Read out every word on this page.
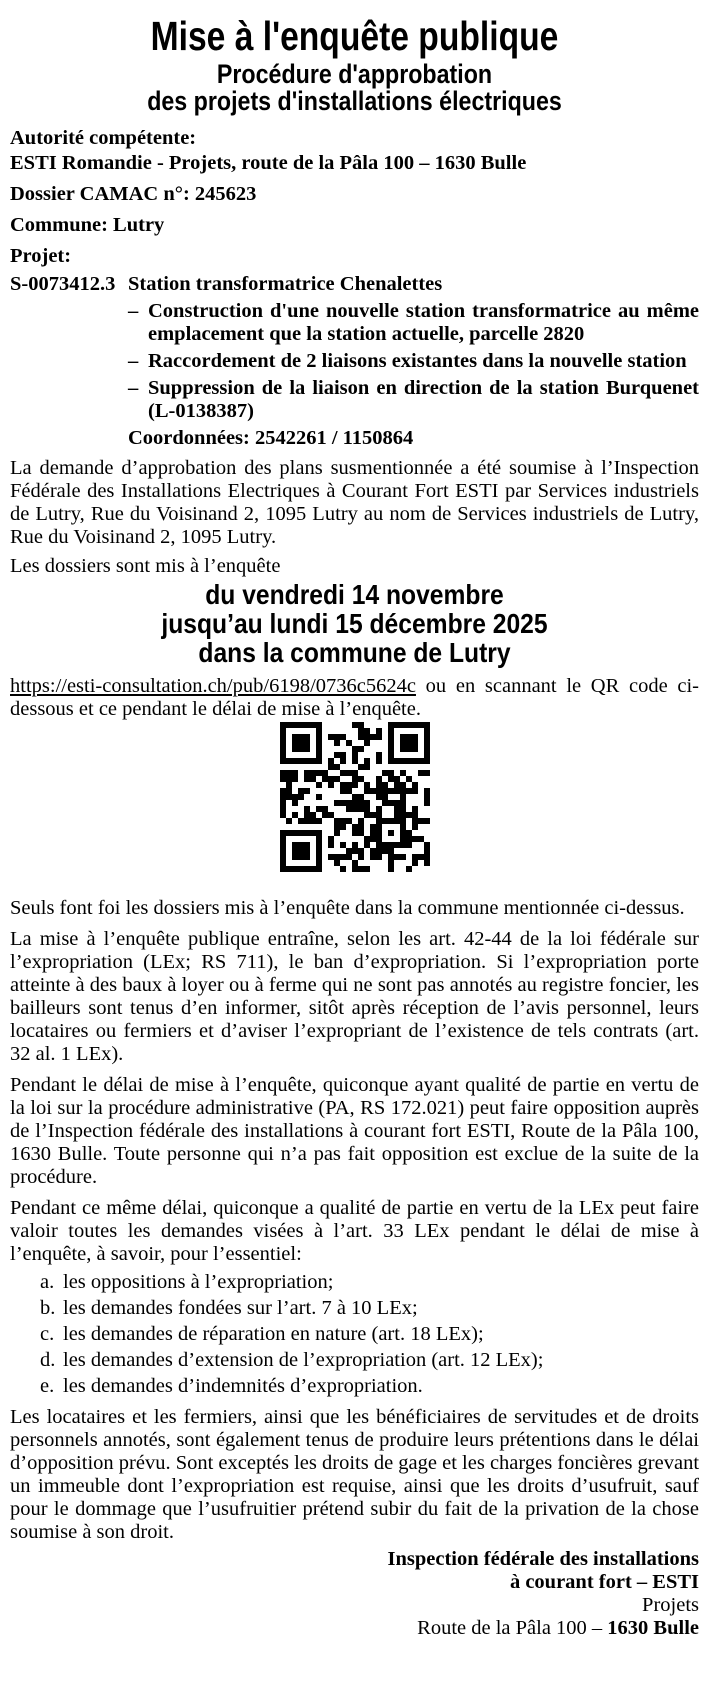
Mise à l'enquête publique
Procédure d'approbation
des projets d'installations électriques
Autorité compétente:
ESTI Romandie - Projets, route de la Pâla 100 – 1630 Bulle
Dossier CAMAC n°: 245623
Commune: Lutry
Projet:
S-0073412.3 Station transformatrice Chenalettes
– Construction d'une nouvelle station transformatrice au même emplacement que la station actuelle, parcelle 2820
– Raccordement de 2 liaisons existantes dans la nouvelle station
– Suppression de la liaison en direction de la station Burquenet (L-0138387)
Coordonnées: 2542261 / 1150864
La demande d’approbation des plans susmentionnée a été soumise à l’Inspection Fédérale des Installations Electriques à Courant Fort ESTI par Services industriels de Lutry, Rue du Voisinand 2, 1095 Lutry au nom de Services industriels de Lutry, Rue du Voisinand 2, 1095 Lutry.
Les dossiers sont mis à l’enquête
du vendredi 14 novembre
jusqu’au lundi 15 décembre 2025
dans la commune de Lutry
https://esti-consultation.ch/pub/6198/0736c5624c ou en scannant le QR code ci-dessous et ce pendant le délai de mise à l’enquête.
Seuls font foi les dossiers mis à l’enquête dans la commune mentionnée ci-dessus.
La mise à l’enquête publique entraîne, selon les art. 42-44 de la loi fédérale sur l’expropriation (LEx; RS 711), le ban d’expropriation. Si l’expropriation porte atteinte à des baux à loyer ou à ferme qui ne sont pas annotés au registre foncier, les bailleurs sont tenus d’en informer, sitôt après réception de l’avis personnel, leurs locataires ou fermiers et d’aviser l’expropriant de l’existence de tels contrats (art. 32 al. 1 LEx).
Pendant le délai de mise à l’enquête, quiconque ayant qualité de partie en vertu de la loi sur la procédure administrative (PA, RS 172.021) peut faire opposition auprès de l’Inspection fédérale des installations à courant fort ESTI, Route de la Pâla 100, 1630 Bulle. Toute personne qui n’a pas fait opposition est exclue de la suite de la procédure.
Pendant ce même délai, quiconque a qualité de partie en vertu de la LEx peut faire valoir toutes les demandes visées à l’art. 33 LEx pendant le délai de mise à l’enquête, à savoir, pour l’essentiel:
a. les oppositions à l’expropriation;
b. les demandes fondées sur l’art. 7 à 10 LEx;
c. les demandes de réparation en nature (art. 18 LEx);
d. les demandes d’extension de l’expropriation (art. 12 LEx);
e. les demandes d’indemnités d’expropriation.
Les locataires et les fermiers, ainsi que les bénéficiaires de servitudes et de droits personnels annotés, sont également tenus de produire leurs prétentions dans le délai d’opposition prévu. Sont exceptés les droits de gage et les charges foncières grevant un immeuble dont l’expropriation est requise, ainsi que les droits d’usufruit, sauf pour le dommage que l’usufruitier prétend subir du fait de la privation de la chose soumise à son droit.
Inspection fédérale des installations
à courant fort – ESTI
Projets
Route de la Pâla 100 – 1630 Bulle
